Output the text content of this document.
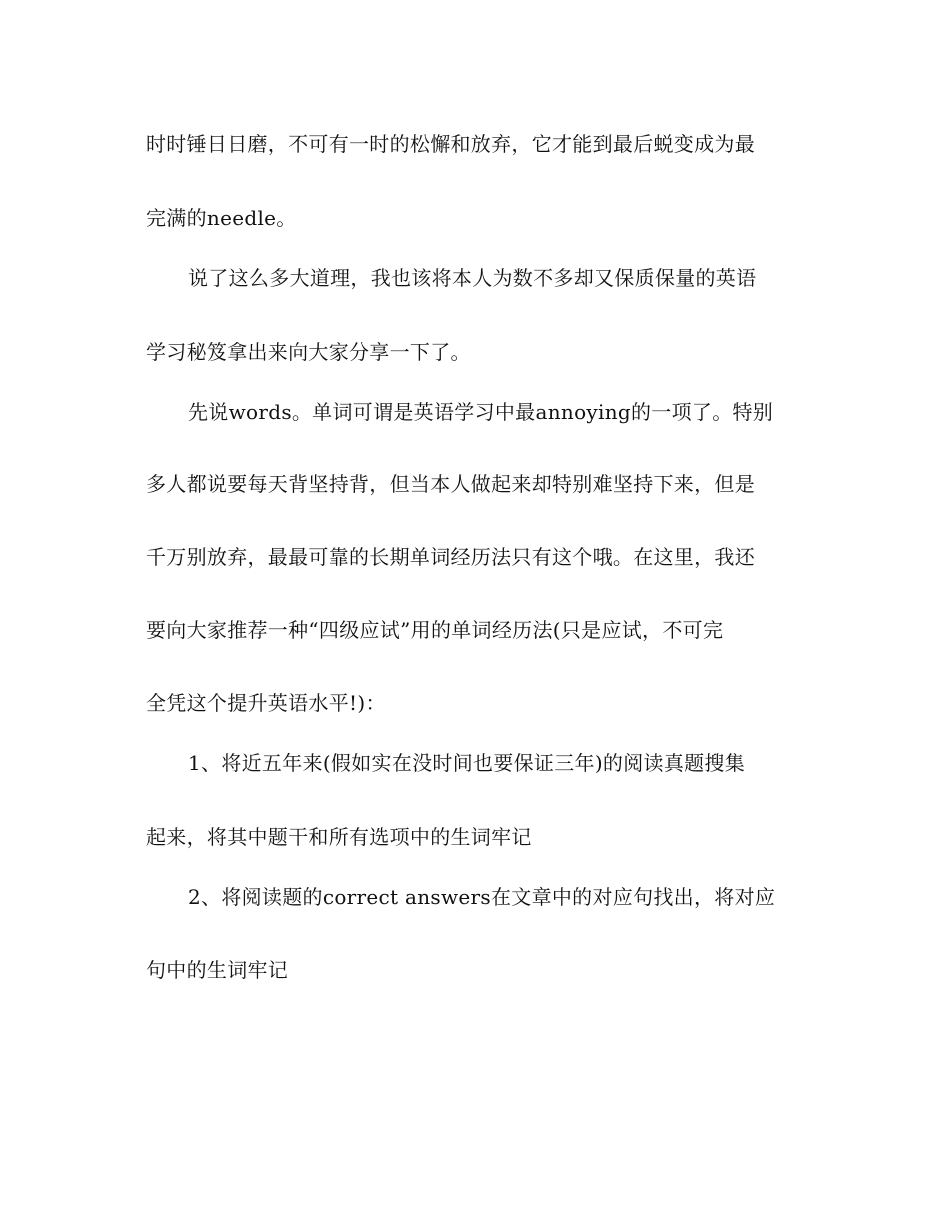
时时锤日日磨，不可有一时的松懈和放弃，它才能到最后蜕变成为最
完满的needle。
说了这么多大道理，我也该将本人为数不多却又保质保量的英语
学习秘笈拿出来向大家分享一下了。
先说words。单词可谓是英语学习中最annoying的一项了。特别
多人都说要每天背坚持背，但当本人做起来却特别难坚持下来，但是
千万别放弃，最最可靠的长期单词经历法只有这个哦。在这里，我还
要向大家推荐一种“四级应试”用的单词经历法(只是应试，不可完
全凭这个提升英语水平!)：
1、将近五年来(假如实在没时间也要保证三年)的阅读真题搜集
起来，将其中题干和所有选项中的生词牢记
2、将阅读题的correct answers在文章中的对应句找出，将对应
句中的生词牢记
